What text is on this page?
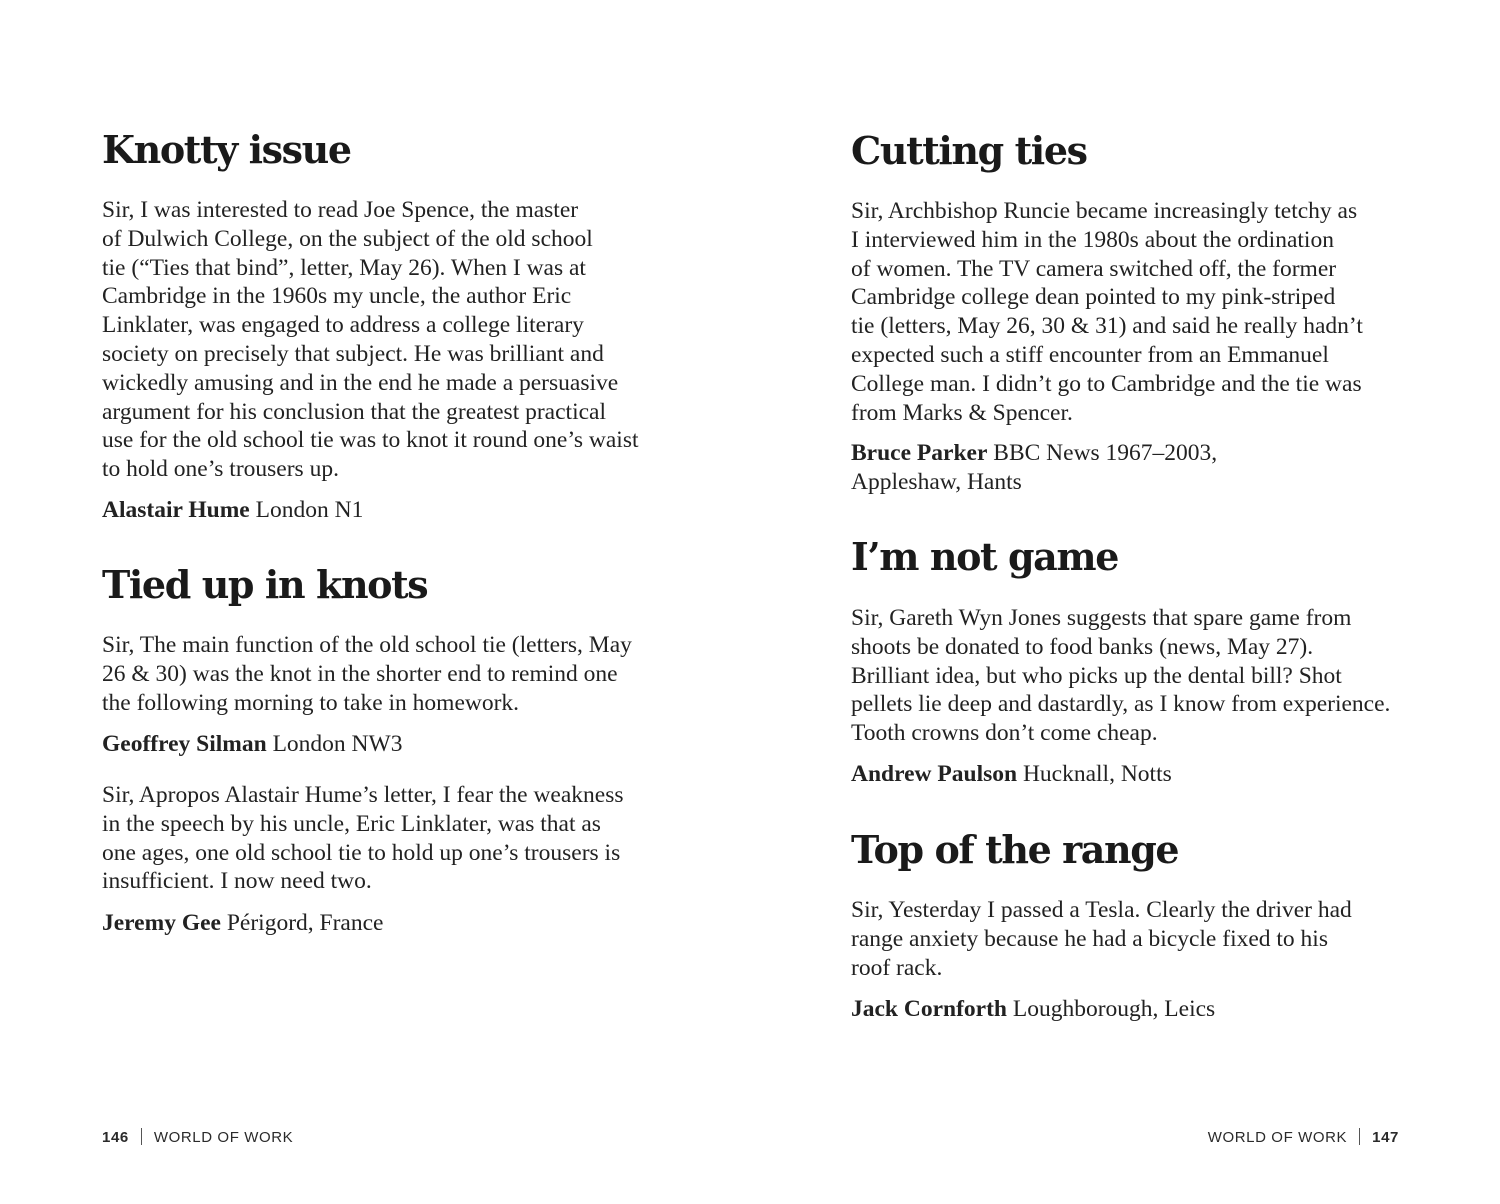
Knotty issue
Sir, I was interested to read Joe Spence, the master
of Dulwich College, on the subject of the old school
tie (“Ties that bind”, letter, May 26). When I was at
Cambridge in the 1960s my uncle, the author Eric
Linklater, was engaged to address a college literary
society on precisely that subject. He was brilliant and
wickedly amusing and in the end he made a persuasive
argument for his conclusion that the greatest practical
use for the old school tie was to knot it round one’s waist
to hold one’s trousers up.
Alastair Hume London N1
Tied up in knots
Sir, The main function of the old school tie (letters, May
26 & 30) was the knot in the shorter end to remind one
the following morning to take in homework.
Geoffrey Silman London NW3
Sir, Apropos Alastair Hume’s letter, I fear the weakness
in the speech by his uncle, Eric Linklater, was that as
one ages, one old school tie to hold up one’s trousers is
insufficient. I now need two.
Jeremy Gee Périgord, France
Cutting ties
Sir, Archbishop Runcie became increasingly tetchy as
I interviewed him in the 1980s about the ordination
of women. The TV camera switched off, the former
Cambridge college dean pointed to my pink-striped
tie (letters, May 26, 30 & 31) and said he really hadn’t
expected such a stiff encounter from an Emmanuel
College man. I didn’t go to Cambridge and the tie was
from Marks & Spencer.
Bruce Parker BBC News 1967–2003,
Appleshaw, Hants
I’m not game
Sir, Gareth Wyn Jones suggests that spare game from
shoots be donated to food banks (news, May 27).
Brilliant idea, but who picks up the dental bill? Shot
pellets lie deep and dastardly, as I know from experience.
Tooth crowns don’t come cheap.
Andrew Paulson Hucknall, Notts
Top of the range
Sir, Yesterday I passed a Tesla. Clearly the driver had
range anxiety because he had a bicycle fixed to his
roof rack.
Jack Cornforth Loughborough, Leics
146 WORLD OF WORK	WORLD OF WORK 147
